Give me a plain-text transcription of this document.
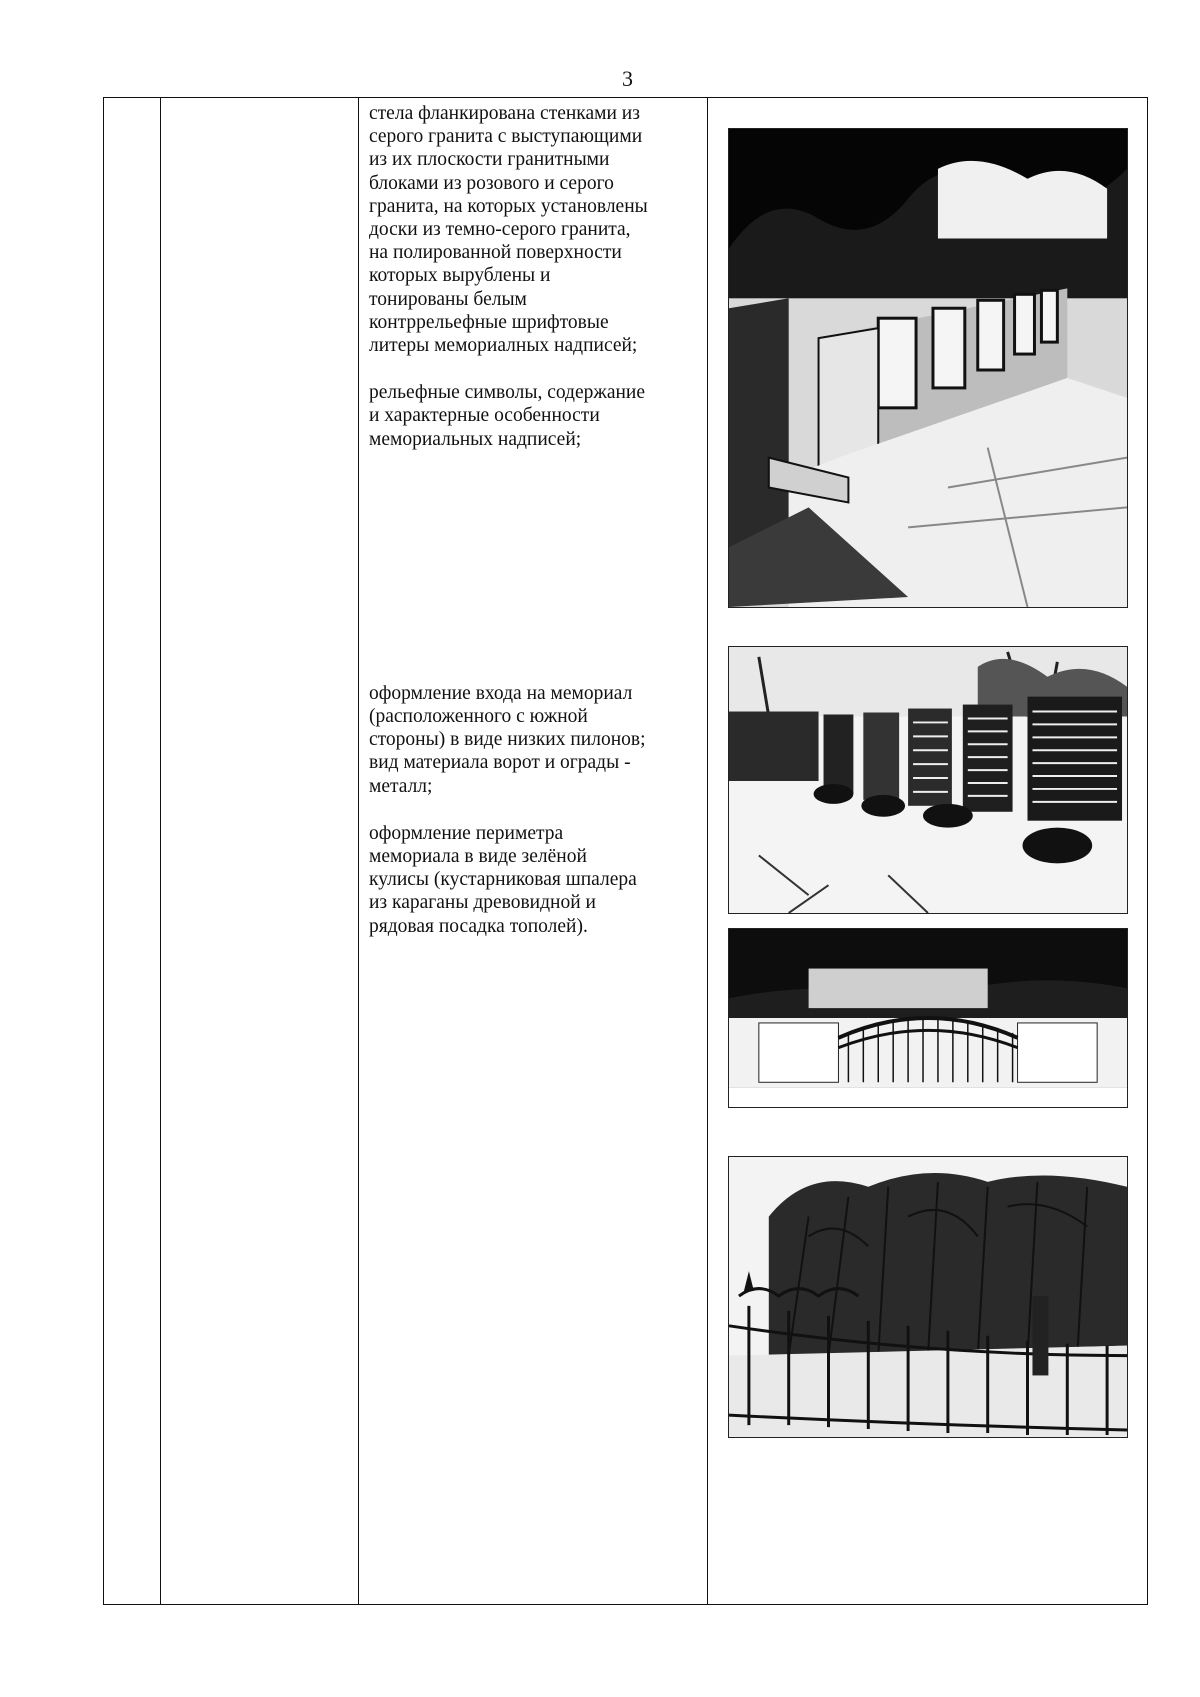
3

стела фланкирована стенками из

серого гранита с выступающими

из их плоскости гранитными

блоками из розового и серого

гранита, на которых установлены

доски из темно-серого гранита,

на полированной поверхности

которых вырублены и

тонированы белым

контррельефные шрифтовые

литеры мемориалных надписей;

рельефные символы, содержание

и характерные особенности

мемориальных надписей;

оформление входа на мемориал

(расположенного с южной

стороны) в виде низких пилонов;

вид материала ворот и ограды -

металл;

оформление периметра

мемориала в виде зелёной

кулисы (кустарниковая шпалера

из караганы древовидной и

рядовая посадка тополей).
